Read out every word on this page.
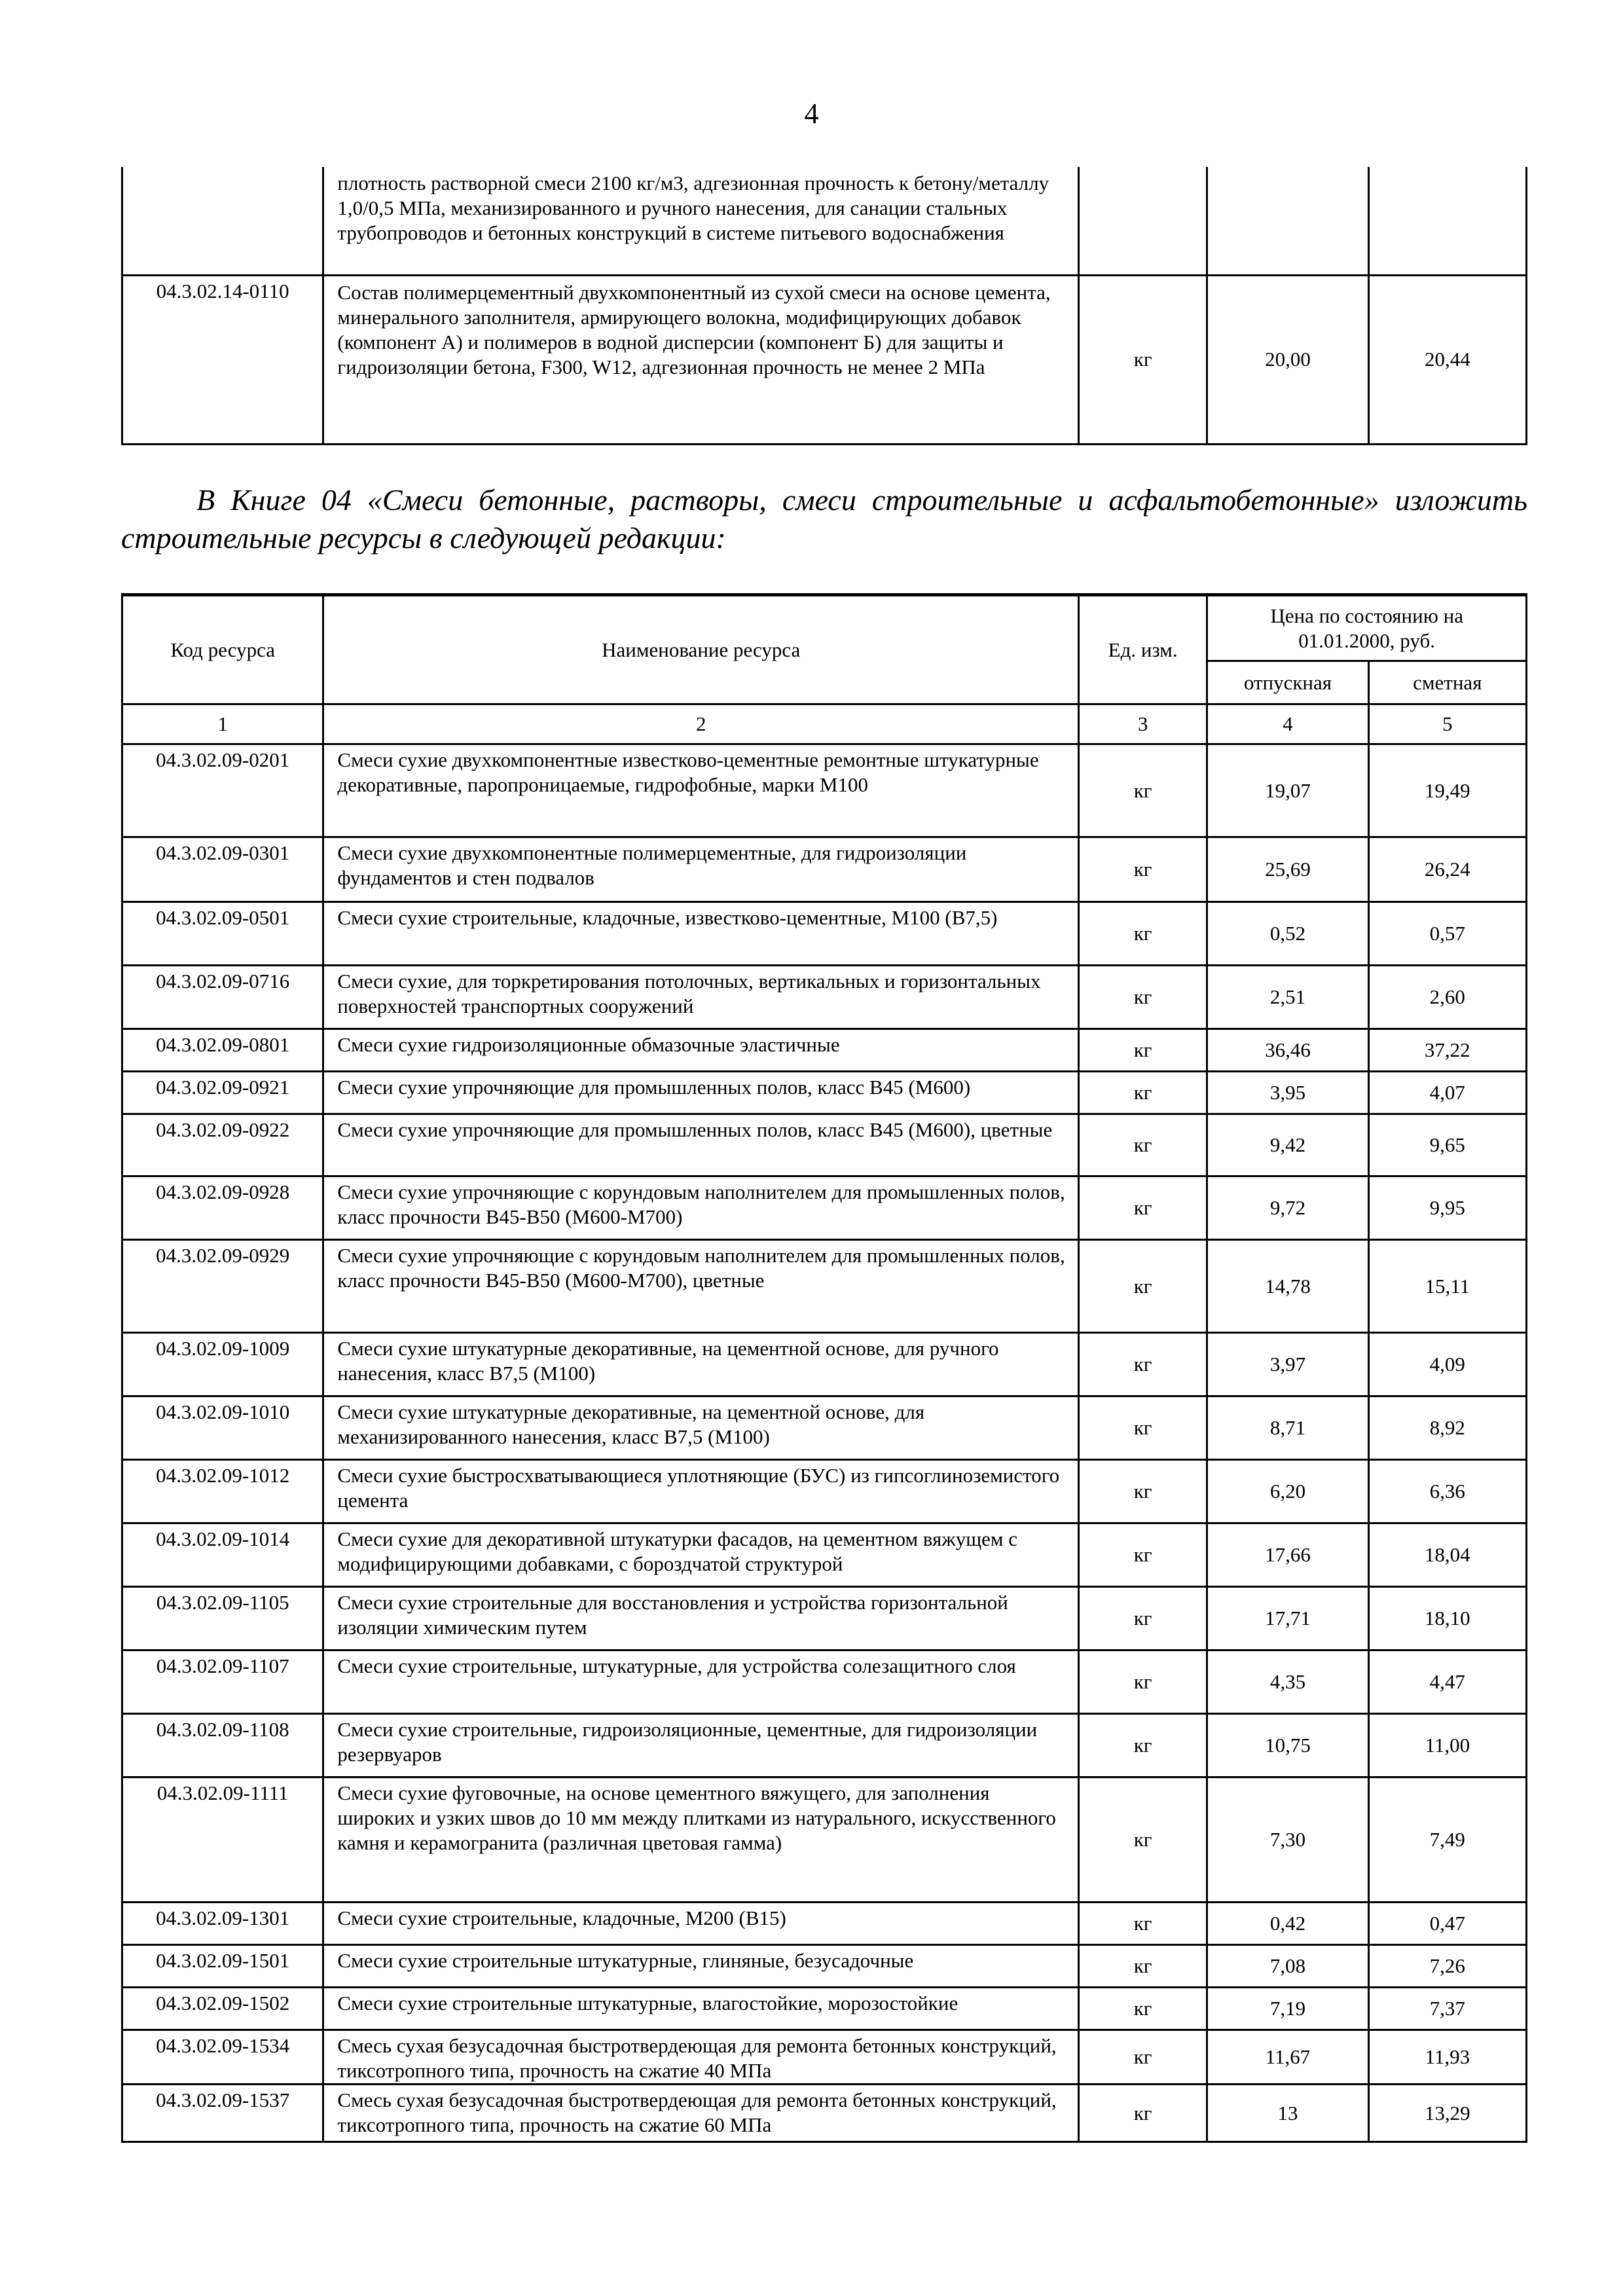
4
	плотность растворной смеси 2100 кг/м3, адгезионная прочность к бетону/металлу 1,0/0,5 МПа, механизированного и ручного нанесения, для санации стальных трубопроводов и бетонных конструкций в системе питьевого водоснабжения			
04.3.02.14-0110	Состав полимерцементный двухкомпонентный из сухой смеси на основе цемента, минерального заполнителя, армирующего волокна, модифицирующих добавок (компонент А) и полимеров в водной дисперсии (компонент Б) для защиты и гидроизоляции бетона, F300, W12, адгезионная прочность не менее 2 МПа	кг	20,00	20,44
В Книге 04 «Смеси бетонные, растворы, смеси строительные и асфальтобетонные» изложить строительные ресурсы в следующей редакции:
Код ресурса	Наименование ресурса	Ед. изм.	Цена по состоянию на 01.01.2000, руб.	
			отпускная	сметная
1	2	3	4	5
04.3.02.09-0201	Смеси сухие двухкомпонентные известково-цементные ремонтные штукатурные декоративные, паропроницаемые, гидрофобные, марки М100	кг	19,07	19,49
04.3.02.09-0301	Смеси сухие двухкомпонентные полимерцементные, для гидроизоляции фундаментов и стен подвалов	кг	25,69	26,24
04.3.02.09-0501	Смеси сухие строительные, кладочные, известково-цементные, М100 (В7,5)	кг	0,52	0,57
04.3.02.09-0716	Смеси сухие, для торкретирования потолочных, вертикальных и горизонтальных поверхностей транспортных сооружений	кг	2,51	2,60
04.3.02.09-0801	Смеси сухие гидроизоляционные обмазочные эластичные	кг	36,46	37,22
04.3.02.09-0921	Смеси сухие упрочняющие для промышленных полов, класс В45 (М600)	кг	3,95	4,07
04.3.02.09-0922	Смеси сухие упрочняющие для промышленных полов, класс В45 (М600), цветные	кг	9,42	9,65
04.3.02.09-0928	Смеси сухие упрочняющие с корундовым наполнителем для промышленных полов, класс прочности В45-В50 (М600-М700)	кг	9,72	9,95
04.3.02.09-0929	Смеси сухие упрочняющие с корундовым наполнителем для промышленных полов, класс прочности В45-В50 (М600-М700), цветные	кг	14,78	15,11
04.3.02.09-1009	Смеси сухие штукатурные декоративные, на цементной основе, для ручного нанесения, класс В7,5 (М100)	кг	3,97	4,09
04.3.02.09-1010	Смеси сухие штукатурные декоративные, на цементной основе, для механизированного нанесения, класс В7,5 (М100)	кг	8,71	8,92
04.3.02.09-1012	Смеси сухие быстросхватывающиеся уплотняющие (БУС) из гипсоглиноземистого цемента	кг	6,20	6,36
04.3.02.09-1014	Смеси сухие для декоративной штукатурки фасадов, на цементном вяжущем с модифицирующими добавками, с бороздчатой структурой	кг	17,66	18,04
04.3.02.09-1105	Смеси сухие строительные для восстановления и устройства горизонтальной изоляции химическим путем	кг	17,71	18,10
04.3.02.09-1107	Смеси сухие строительные, штукатурные, для устройства солезащитного слоя	кг	4,35	4,47
04.3.02.09-1108	Смеси сухие строительные, гидроизоляционные, цементные, для гидроизоляции резервуаров	кг	10,75	11,00
04.3.02.09-1111	Смеси сухие фуговочные, на основе цементного вяжущего, для заполнения широких и узких швов до 10 мм между плитками из натурального, искусственного камня и керамогранита (различная цветовая гамма)	кг	7,30	7,49
04.3.02.09-1301	Смеси сухие строительные, кладочные, М200 (В15)	кг	0,42	0,47
04.3.02.09-1501	Смеси сухие строительные штукатурные, глиняные, безусадочные	кг	7,08	7,26
04.3.02.09-1502	Смеси сухие строительные штукатурные, влагостойкие, морозостойкие	кг	7,19	7,37
04.3.02.09-1534	Смесь сухая безусадочная быстротвердеющая для ремонта бетонных конструкций, тиксотропного типа, прочность на сжатие 40 МПа	кг	11,67	11,93
04.3.02.09-1537	Смесь сухая безусадочная быстротвердеющая для ремонта бетонных конструкций, тиксотропного типа, прочность на сжатие 60 МПа	кг	13	13,29
